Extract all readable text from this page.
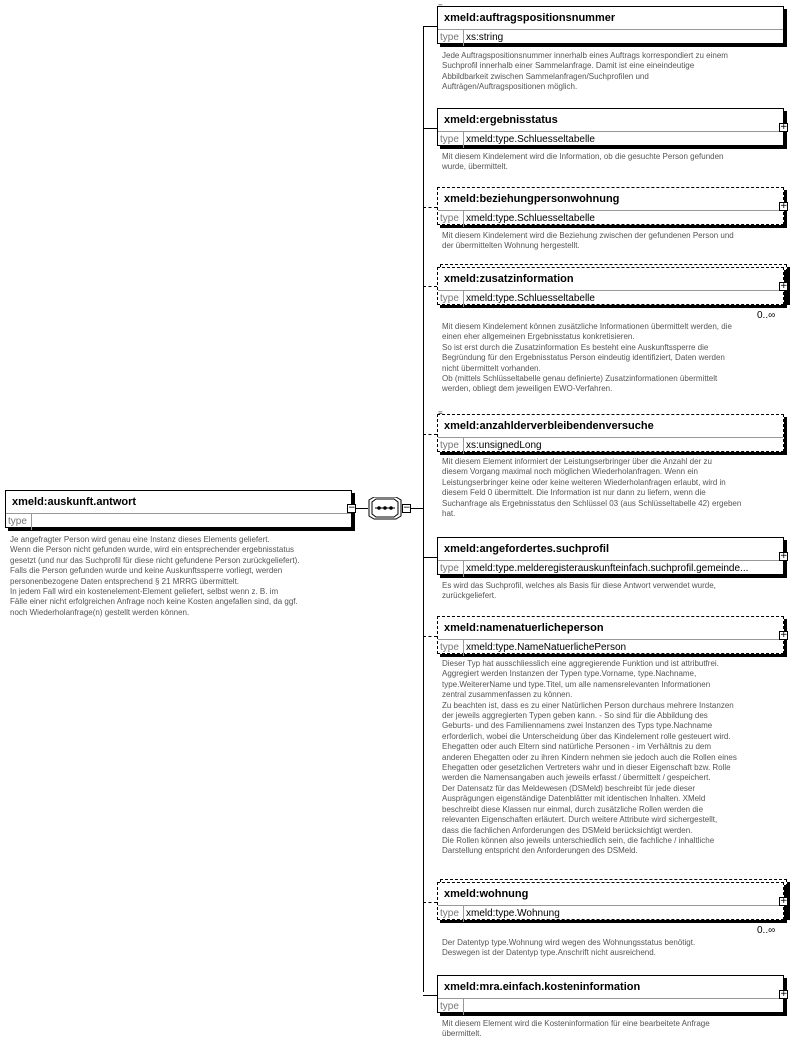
xmeld:auskunft.antwort
type
−
Je angefragter Person wird genau eine Instanz dieses Elements geliefert.
Wenn die Person nicht gefunden wurde, wird ein entsprechender ergebnisstatus
gesetzt (und nur das Suchprofil für diese nicht gefundene Person zurückgeliefert).
Falls die Person gefunden wurde und keine Auskunftssperre vorliegt, werden
personenbezogene Daten entsprechend § 21 MRRG übermittelt.
In jedem Fall wird ein kostenelement-Element geliefert, selbst wenn z. B. im
Fälle einer nicht erfolgreichen Anfrage noch keine Kosten angefallen sind, da ggf.
noch Wiederholanfrage(n) gestellt werden können.
−
xmeld:auftragspositionsnummer
type xs:string
Jede Auftragspositionsnummer innerhalb eines Auftrags korrespondiert zu einem
Suchprofil innerhalb einer Sammelanfrage. Damit ist eine eineindeutige
Abbildbarkeit zwischen Sammelanfragen/Suchprofilen und
Aufträgen/Auftragspositionen möglich.
xmeld:ergebnisstatus
type xmeld:type.Schluesseltabelle
+
Mit diesem Kindelement wird die Information, ob die gesuchte Person gefunden
wurde, übermittelt.
xmeld:beziehungpersonwohnung
type xmeld:type.Schluesseltabelle
+
Mit diesem Kindelement wird die Beziehung zwischen der gefundenen Person und
der übermittelten Wohnung hergestellt.
xmeld:zusatzinformation
type xmeld:type.Schluesseltabelle
+
0..∞
Mit diesem Kindelement können zusätzliche Informationen übermittelt werden, die
einen eher allgemeinen Ergebnisstatus konkretisieren.
So ist erst durch die Zusatzinformation Es besteht eine Auskunftssperre die
Begründung für den Ergebnisstatus Person eindeutig identifiziert, Daten werden
nicht übermittelt vorhanden.
Ob (mittels Schlüsseltabelle genau definierte) Zusatzinformationen übermittelt
werden, obliegt dem jeweiligen EWO-Verfahren.
xmeld:anzahlderverbleibendenversuche
type xs:unsignedLong
Mit diesem Element informiert der Leistungserbringer über die Anzahl der zu
diesem Vorgang maximal noch möglichen Wiederholanfragen. Wenn ein
Leistungserbringer keine oder keine weiteren Wiederholanfragen erlaubt, wird in
diesem Feld 0 übermittelt. Die Information ist nur dann zu liefern, wenn die
Suchanfrage als Ergebnisstatus den Schlüssel 03 (aus Schlüsseltabelle 42) ergeben
hat.
xmeld:angefordertes.suchprofil
type xmeld:type.melderegisterauskunfteinfach.suchprofil.gemeinde...
+
Es wird das Suchprofil, welches als Basis für diese Antwort verwendet wurde,
zurückgeliefert.
xmeld:namenatuerlicheperson
type xmeld:type.NameNatuerlichePerson
+
Dieser Typ hat ausschliesslich eine aggregierende Funktion und ist attributfrei.
Aggregiert werden Instanzen der Typen type.Vorname, type.Nachname,
type.WeitererName und type.Titel, um alle namensrelevanten Informationen
zentral zusammenfassen zu können.
Zu beachten ist, dass es zu einer Natürlichen Person durchaus mehrere Instanzen
der jeweils aggregierten Typen geben kann. - So sind für die Abbildung des
Geburts- und des Familiennamens zwei Instanzen des Typs type.Nachname
erforderlich, wobei die Unterscheidung über das Kindelement rolle gesteuert wird.
Ehegatten oder auch Eltern sind natürliche Personen - im Verhältnis zu dem
anderen Ehegatten oder zu ihren Kindern nehmen sie jedoch auch die Rollen eines
Ehegatten oder gesetzlichen Vertreters wahr und in dieser Eigenschaft bzw. Rolle
werden die Namensangaben auch jeweils erfasst / übermittelt / gespeichert.
Der Datensatz für das Meldewesen (DSMeld) beschreibt für jede dieser
Ausprägungen eigenständige Datenblätter mit identischen Inhalten. XMeld
beschreibt diese Klassen nur einmal, durch zusätzliche Rollen werden die
relevanten Eigenschaften erläutert. Durch weitere Attribute wird sichergestellt,
dass die fachlichen Anforderungen des DSMeld berücksichtigt werden.
Die Rollen können also jeweils unterschiedlich sein, die fachliche / inhaltliche
Darstellung entspricht den Anforderungen des DSMeld.
xmeld:wohnung
type xmeld:type.Wohnung
+
0..∞
Der Datentyp type.Wohnung wird wegen des Wohnungsstatus benötigt.
Deswegen ist der Datentyp type.Anschrift nicht ausreichend.
xmeld:mra.einfach.kosteninformation
type
+
Mit diesem Element wird die Kosteninformation für eine bearbeitete Anfrage
übermittelt.
